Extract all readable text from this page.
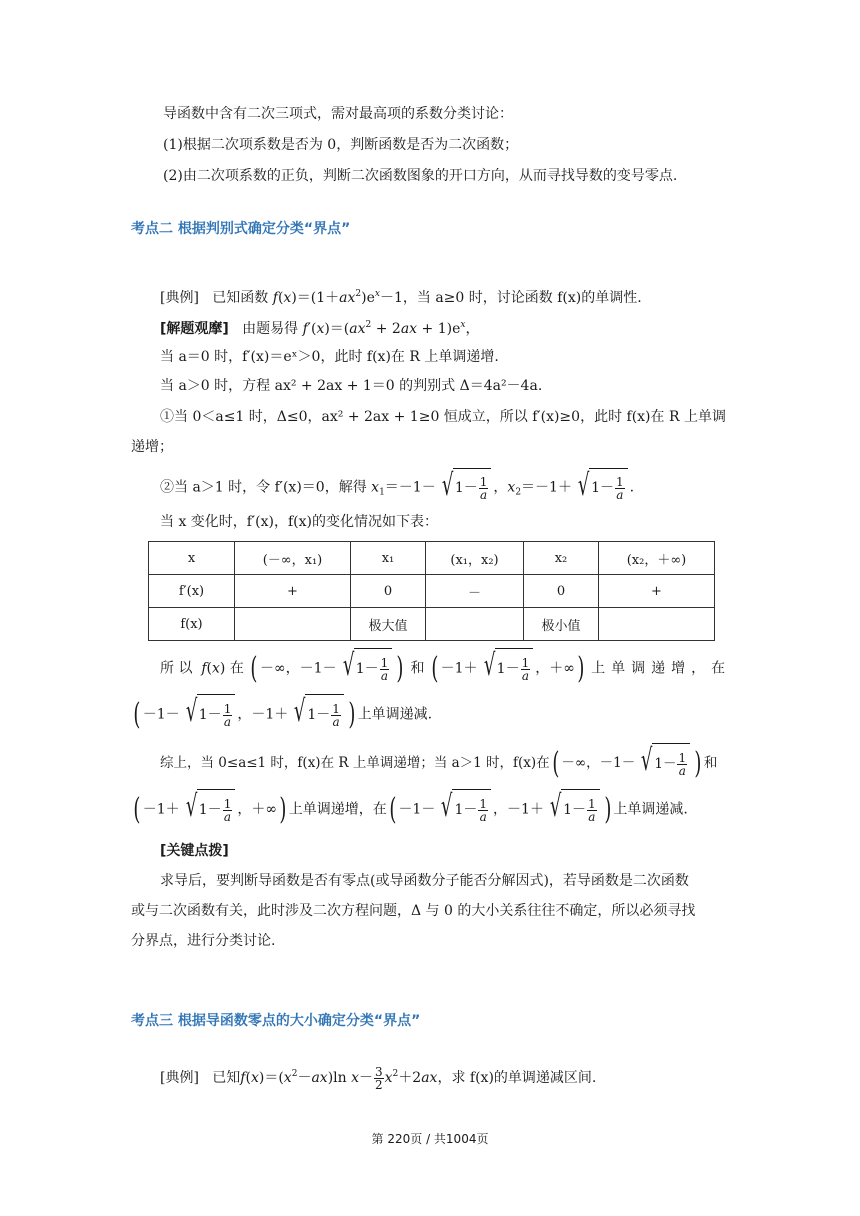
导函数中含有二次三项式，需对最高项的系数分类讨论：
(1)根据二次项系数是否为 0，判断函数是否为二次函数；
(2)由二次项系数的正负，判断二次函数图象的开口方向，从而寻找导数的变号零点.
考点二 根据判别式确定分类“界点”
[典例] 已知函数 $f(x)=(1+ax^2)e^x-1$，当 a≥0 时，讨论函数 f(x)的单调性.
[解题观摩] 由题易得 $f'(x)=(ax^2 + 2ax + 1)e^x$，
当 a＝0 时，f′(x)＝eˣ＞0，此时 f(x)在 R 上单调递增.
当 a＞0 时，方程 ax² + 2ax + 1＝0 的判别式 Δ＝4a²－4a.
①当 0＜a≤1 时，Δ≤0，ax² + 2ax + 1≥0 恒成立，所以 f′(x)≥0，此时 f(x)在 R 上单调
递增；
②当 a＞1 时，令 f′(x)＝0，解得 $x_1=-1-$ √ $1- \frac{1}{a}$ ，$x_2=-1+$ √ $1- \frac{1}{a}$ .
当 x 变化时，f′(x)，f(x)的变化情况如下表：
x	(－∞，x₁)	x₁	(x₁，x₂)	x₂	(x₂，＋∞)
f′(x)	+	0	－	0	+
f(x)		极大值		极小值	
所 以  f(x) 在 ( －∞，－1－ √ $1- \frac{1}{a}$ ) 和 ( －1＋ √ $1- \frac{1}{a}$ ，＋∞) 上单调递增，在
( －1－ √ $1- \frac{1}{a}$ ，－1＋ √ $1- \frac{1}{a}$ ) 上单调递减.
综上，当 0≤a≤1 时，f(x)在 R 上单调递增；当 a＞1 时，f(x)在( －∞，－1－ √ $1- \frac{1}{a}$ ) 和
( －1＋ √ $1- \frac{1}{a}$ ，＋∞) 上单调递增，在( －1－ √ $1- \frac{1}{a}$ ，－1＋ √ $1- \frac{1}{a}$ ) 上单调递减.
[关键点拨]
求导后，要判断导函数是否有零点(或导函数分子能否分解因式)，若导函数是二次函数
或与二次函数有关，此时涉及二次方程问题，Δ 与 0 的大小关系往往不确定，所以必须寻找
分界点，进行分类讨论.
考点三 根据导函数零点的大小确定分类“界点”
[典例] 已知$f(x)=(x^2-ax)\ln$ $x- \frac{3}{2} x^2+2ax$，求 f(x)的单调递减区间.
第 220页 / 共1004页
